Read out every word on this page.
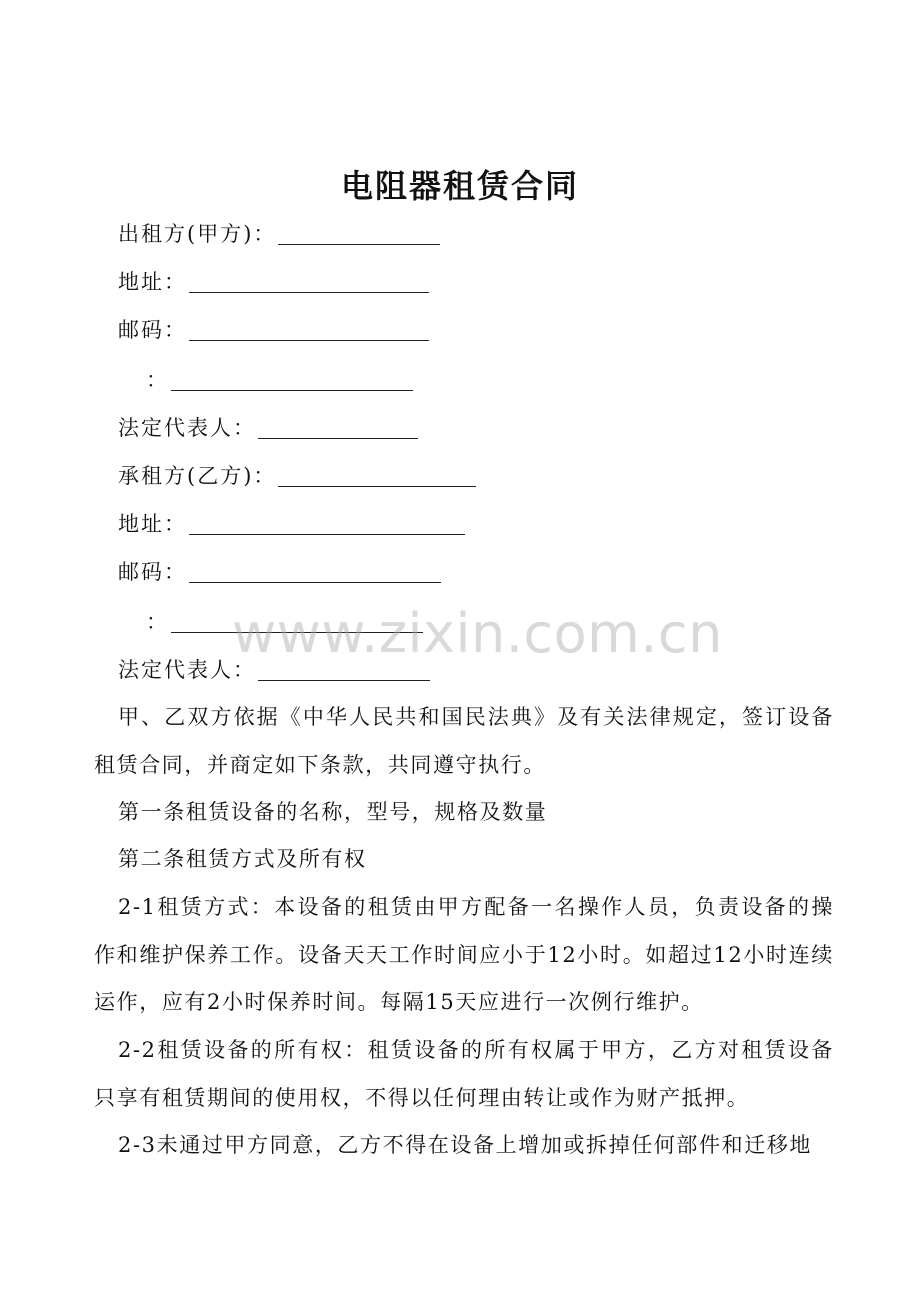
电阻器租赁合同
出租方(甲方)：
地址：
邮码：
：
法定代表人：
承租方(乙方)：
地址：
邮码：
：
法定代表人：
甲、乙双方依据《中华人民共和国民法典》及有关法律规定，签订设备租赁合同，并商定如下条款，共同遵守执行。
第一条租赁设备的名称，型号，规格及数量
第二条租赁方式及所有权
2-1租赁方式：本设备的租赁由甲方配备一名操作人员，负责设备的操作和维护保养工作。设备天天工作时间应小于12小时。如超过12小时连续运作，应有2小时保养时间。每隔15天应进行一次例行维护。
2-2租赁设备的所有权：租赁设备的所有权属于甲方，乙方对租赁设备只享有租赁期间的使用权，不得以任何理由转让或作为财产抵押。
2-3未通过甲方同意，乙方不得在设备上增加或拆掉任何部件和迁移地
www.zixin.com.cn
